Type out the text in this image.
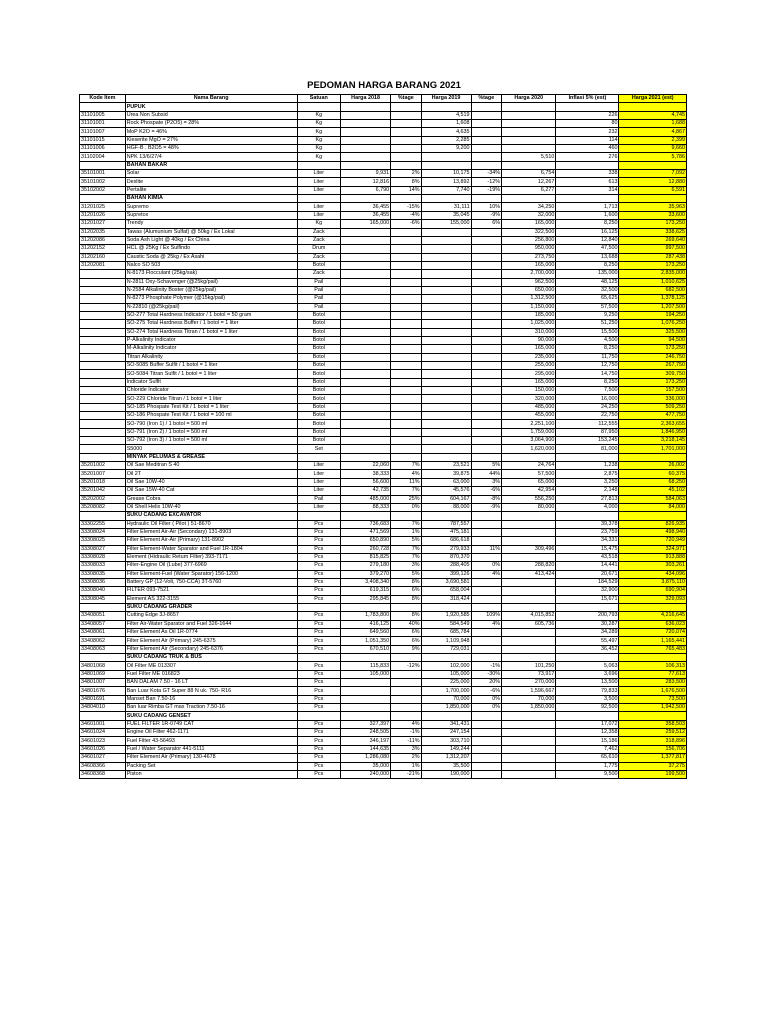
PEDOMAN HARGA BARANG 2021
Kode Item	Nama Barang	Satuan	Harga 2018	%tage	Harga 2019	%tage	Harga 2020	Inflasi 5% (est)	Harga 2021 (est)
	PUPUK								
31101005	Urea Non Subsid	Kg			4,519			226	4,745
31101001	Rock Phospate (P2O5) = 28%	Kg			1,608			80	1,688
31101007	MoP K2O = 46%	Kg			4,635			232	4,867
31101015	Kieserite MgO = 27%	Kg			2,285			114	2,399
31101006	HGF-B . B2O5 = 48%	Kg			9,200			460	9,660
31102004	NPK 13/6/27/4	Kg					5,510	276	5,786
	BAHAN BAKAR								
35101001	Solar	Liter	9,931	2%	10,175	-34%	6,754	338	7,092
35101002	Dexlite	Liter	12,816	8%	13,892	-12%	12,267	613	12,880
35102002	Pertalite	Liter	6,790	14%	7,740	-19%	6,277	314	6,591
	BAHAN KIMIA								
31201025	Supremo	Liter	36,455	-15%	31,111	10%	34,250	1,713	35,963
31201026	Supretox	Liter	36,455	-4%	35,045	-9%	32,000	1,600	33,600
31201027	Trendy	Kg	165,000	-6%	155,000	6%	165,000	8,250	173,250
31202035	Tawas (Alumunium Sulfat) @ 50kg / Ex Lokal	Zack					322,500	16,125	338,625
31202086	Soda Ash Light @ 40kg / Ex China	Zack					256,800	12,840	269,640
31202152	HCL @ 25Kg / Ex Sulfindo	Drum					950,000	47,500	997,500
31202160	Caustic Soda @ 25kg / Ex Asahi	Zack					273,750	13,688	287,438
31202081	Nalco SO 503	Botol					165,000	8,250	173,250
	N-8173 Flocculant (25kg/sak)	Zack					2,700,000	135,000	2,835,000
	N-2811 Oxy-Schavenger (@25kg/pail)	Pail					962,500	48,125	1,010,625
	N-2584 Alkalinity Boster (@25kg/pail)	Pail					650,000	32,500	682,500
	N-8273 Phosphate Polymer (@15kg/pail)	Pail					1,312,500	65,625	1,378,125
	N-22810 (@25kg/pail)	Pail					1,150,000	57,500	1,207,500
	SO-277 Total Hardness Indicator / 1 botol = 50 gram	Botol					185,000	9,250	194,250
	SO-275 Total Hardness Buffer / 1 botol = 1 liter	Botol					1,025,000	51,250	1,076,250
	SO-274 Total Hardness Titran / 1 botol = 1 liter	Botol					310,000	15,500	325,500
	P-Alkalinity Indicator	Botol					90,000	4,500	94,500
	M-Alkalinity Indicator	Botol					165,000	8,250	173,250
	Titran Alkalinity	Botol					235,000	11,750	246,750
	SO-5085 Buffer Sulfit / 1 botol = 1 liter	Botol					255,000	12,750	267,750
	SO-5084 Titran Sulfit / 1 botol = 1 liter	Botol					295,000	14,750	309,750
	Indicator Sulfit	Botol					165,000	8,250	173,250
	Chloride Indicator	Botol					150,000	7,500	157,500
	SO-229 Chloride Titran / 1 botol = 1 liter	Botol					320,000	16,000	336,000
	SO-185 Phospate Test Kit / 1 botol = 1 liter	Botol					485,000	24,250	509,250
	SO-186 Phospate Test Kit / 1 botol = 100 ml	Botol					455,000	22,750	477,750
	SO-790 (Iron 1) / 1 botol = 500 ml	Botol					2,251,100	112,555	2,363,655
	SO-791 (Iron 2) / 1 botol = 500 ml	Botol					1,759,000	87,950	1,846,950
	SO-792 (Iron 3) / 1 botol = 500 ml	Botol					3,064,900	153,245	3,218,145
	S5000	Set					1,620,000	81,000	1,701,000
	MINYAK PELUMAS & GREASE								
35201002	Oil Sae Meditran S 40	Liter	22,060	7%	23,521	5%	24,764	1,238	26,002
35201007	Oil 2T	Liter	38,333	4%	39,875	44%	57,500	2,875	60,375
35201018	Oil Sae 10W-40	Liter	56,600	11%	63,000	3%	65,000	3,250	68,250
35201042	Oil Sae 15W-40 Cat	Liter	42,735	7%	45,576	-6%	42,954	2,148	45,102
35202002	Grease Cobra	Pail	485,000	25%	604,167	-8%	556,250	27,813	584,063
35208082	Oil Shell Helix 10W-40	Liter	88,333	0%	88,000	-9%	80,000	4,000	84,000
	SUKU CADANG EXCAVATOR								
33302255	Hydraulic Oil Filter ( Pilot ) 51-8670	Pcs	736,683	7%	787,557			39,378	826,935
33308024	Filter Element Air-Air (Secondary) 131-8903	Pcs	471,569	1%	475,181			23,759	498,940
33308025	Filter Element Air-Air (Primary) 131-8902	Pcs	650,890	5%	686,618			34,331	720,949
33308027	Filter Element-Water Sparator and Fuel 1R-1804	Pcs	260,728	7%	279,933	11%	309,496	15,475	324,971
33308028	Element (Hidraulic Return Filter) 393-7171	Pcs	815,825	7%	870,370			43,518	913,888
33308033	Filter-Engine Oil (Lube) 377-6969	Pcs	279,180	3%	288,405	0%	288,820	14,441	303,261
33308035	Filter Element-Fuel (Water Sparator) 156-1200	Pcs	379,270	5%	399,126	4%	413,424	20,671	434,096
33308036	Battery GP (12-Volt, 750-CCA) 3T-5760	Pcs	3,408,340	8%	3,690,581			184,529	3,875,110
33308040	FILTER 093-7521	Pcs	619,315	6%	658,004			32,900	690,904
33308045	Element AS 322-3155	Pcs	295,845	8%	318,424			15,671	329,093
	SUKU CADANG GRADER								
33408051	Cutting Edge 3J-8657	Pcs	1,783,800	8%	1,920,585	109%	4,015,852	200,793	4,216,645
33408057	Filter Air-Water Sparator and Fuel 326-1644	Pcs	416,125	40%	584,549	4%	605,736	30,287	636,023
33408061	Filter Element As Oil 1R-0774	Pcs	649,560	6%	685,784			34,289	720,074
33408062	Filter Element Air (Primary) 245-6375	Pcs	1,051,350	6%	1,109,948			55,497	1,165,441
33408063	Filter Element Air (Secondary) 245-6376	Pcs	670,510	9%	729,031			36,452	765,483
	SUKU CADANG TRUK & BUS								
34801068	Oil Filter ME 013307	Pcs	115,833	-12%	102,000	-1%	101,250	5,063	106,313
34801069	Fuel Filter ME 016823	Pcs	105,000		105,000	-30%	73,917	3,696	77,613
34801007	BAN DALAM 7.50 - 16 LT	Pcs			225,000	20%	270,000	13,500	283,500
34801676	Ban Luar Kota GT Super 88 N uk. 750- R16	Pcs			1,700,000	-6%	1,596,667	79,833	1,676,500
34801691	Manset Ban 7.50-16	Pcs			70,000	0%	70,000	3,500	73,500
34804010	Ban luar Rimba GT max Traction 7.50-16	Pcs			1,850,000	0%	1,850,000	92,500	1,942,500
	SUKU CADANG GENSET								
34601001	FUEL FILTER 1R-0749 CAT	Pcs	327,397	4%	341,431			17,072	358,503
34601024	Engine Oil Filter 462-1171	Pcs	248,505	-1%	247,154			12,358	259,512
34601023	Fuel Filter 43-56493	Pcs	346,197	-11%	303,710			15,186	318,896
34601026	Fuel / Water Separator 441-5111	Pcs	144,635	3%	149,244			7,462	156,706
34601027	Filter Element Air (Primary) 130-4678	Pcs	1,286,080	2%	1,312,207			65,610	1,377,817
34608366	Packing Set	Pcs	35,000	1%	35,500			1,775	37,275
34608368	Piston	Pcs	240,000	-21%	190,000			9,500	199,500
